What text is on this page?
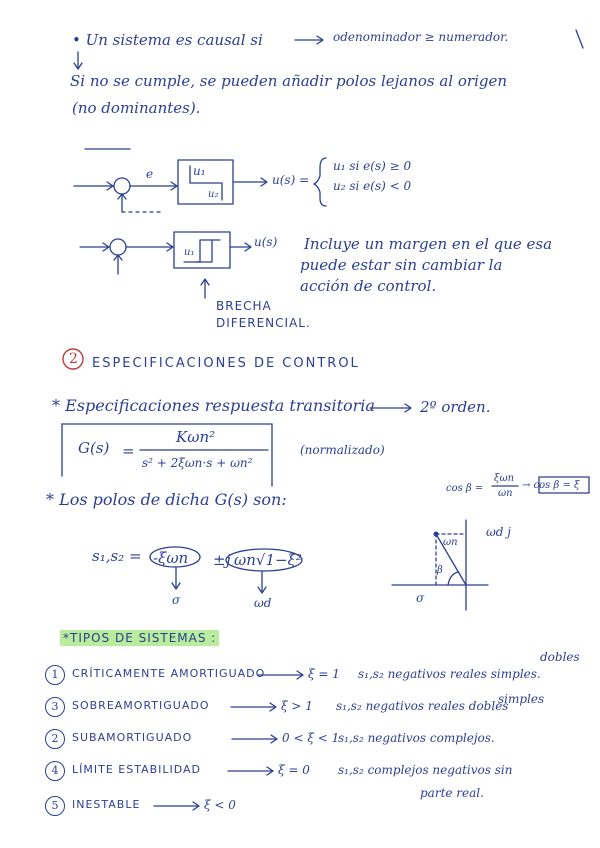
• Un sistema es causal si	odenominador ≥ numerador.
Si no se cumple, se pueden añadir polos lejanos al origen
(no dominantes).
e	u₁
u₂
u(s) =
u₁ si e(s) ≥ 0
u₂ si e(s) < 0
u₁
u(s) Incluye un margen en el que esa
puede estar sin cambiar la
acción de control.
BRECHA
DIFERENCIAL.
2 ESPECIFICACIONES DE CONTROL
* Especificaciones respuesta transitoria	2º orden.
G(s) =
Kωn²
s² + 2ξωn·s + ωn²
(normalizado)
* Los polos de dicha G(s) son:
cos β =
ξωn
ωn
→ cos β = ξ
s₁,s₂ = -ξωn ± j ωn√1−ξ²
σ	ωd
ωd j
ωn
β
σ
*TIPOS DE SISTEMAS :
1	CRÍTICAMENTE AMORTIGUADO	ξ = 1 s₁,s₂ negativos reales simples.
dobles
3	SOBREAMORTIGUADO	ξ > 1 s₁,s₂ negativos reales dobles
simples
2	SUBAMORTIGUADO	0 < ξ < 1
s₁,s₂ negativos complejos.
4	LÍMITE ESTABILIDAD	ξ = 0 s₁,s₂ complejos negativos sin
parte real.
5	INESTABLE	ξ < 0
